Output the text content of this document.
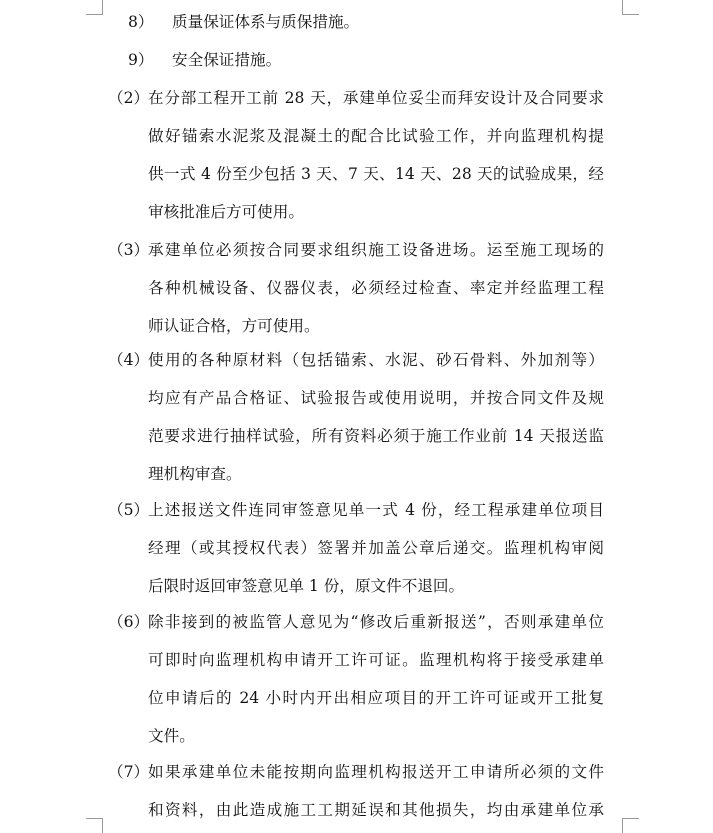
8） 质量保证体系与质保措施。
9） 安全保证措施。
（2）
在分部工程开工前 28 天，承建单位妥尘而拜安设计及合同要求
做好锚索水泥浆及混凝土的配合比试验工作，并向监理机构提
供一式 4 份至少包括 3 天、7 天、14 天、28 天的试验成果，经
审核批准后方可使用。
（3）
承建单位必须按合同要求组织施工设备进场。运至施工现场的
各种机械设备、仪器仪表，必须经过检查、率定并经监理工程
师认证合格，方可使用。
（4）
使用的各种原材料（包括锚索、水泥、砂石骨料、外加剂等）
均应有产品合格证、试验报告或使用说明，并按合同文件及规
范要求进行抽样试验，所有资料必须于施工作业前 14 天报送监
理机构审查。
（5）
上述报送文件连同审签意见单一式 4 份，经工程承建单位项目
经理（或其授权代表）签署并加盖公章后递交。监理机构审阅
后限时返回审签意见单 1 份，原文件不退回。
（6）
除非接到的被监管人意见为“修改后重新报送”，否则承建单位
可即时向监理机构申请开工许可证。监理机构将于接受承建单
位申请后的 24 小时内开出相应项目的开工许可证或开工批复
文件。
（7）
如果承建单位未能按期向监理机构报送开工申请所必须的文件
和资料，由此造成施工工期延误和其他损失，均由承建单位承
